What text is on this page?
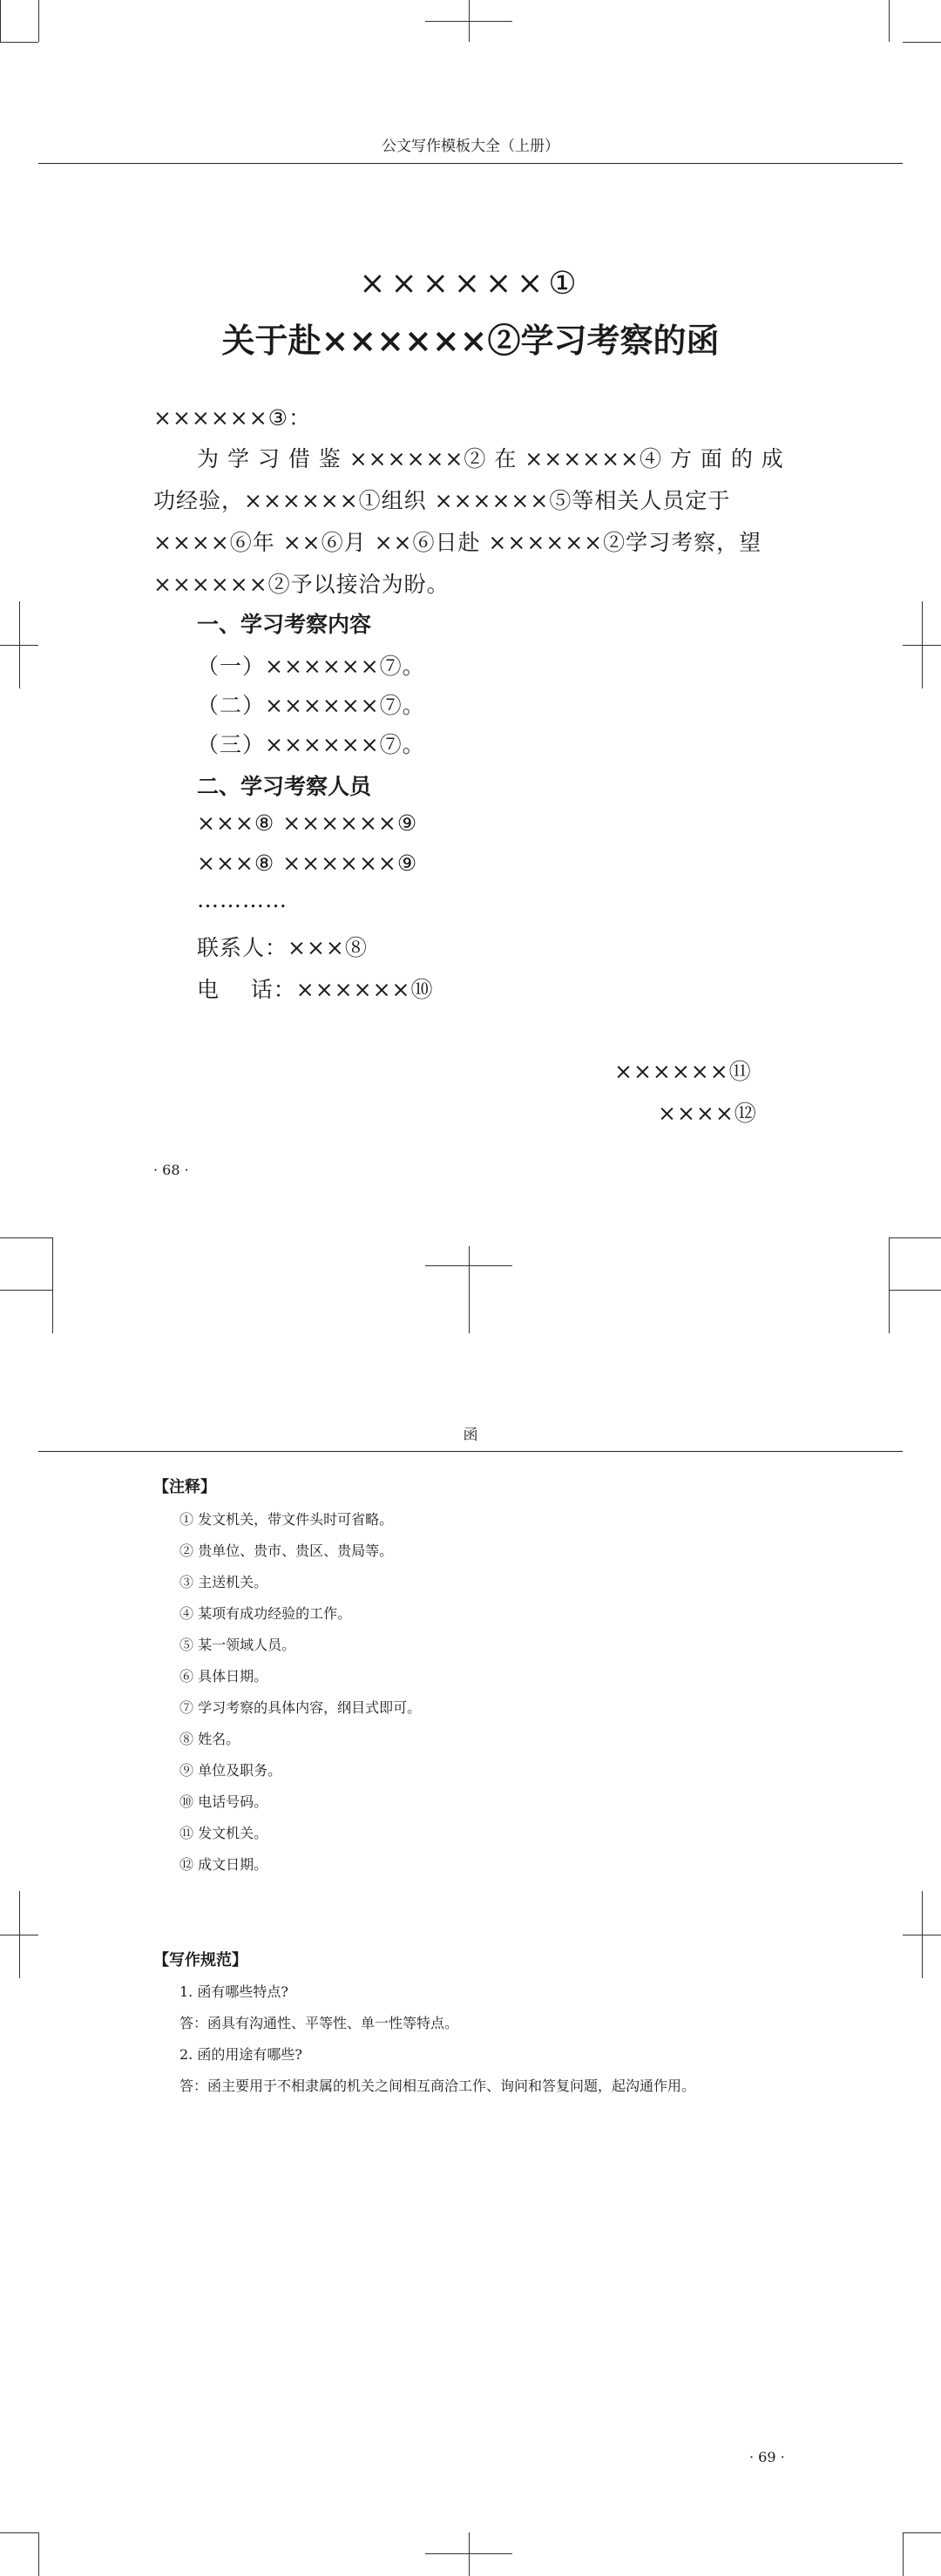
公文写作模板大全（上册）
××××××①
关于赴××××××②学习考察的函
××××××③：
为 学 习 借 鉴 ××××××② 在 ××××××④ 方 面 的 成
功经验，××××××①组织 ××××××⑤等相关人员定于
××××⑥年 ××⑥月 ××⑥日赴 ××××××②学习考察，望
××××××②予以接洽为盼。
一、学习考察内容
（一）××××××⑦。
（二）××××××⑦。
（三）××××××⑦。
二、学习考察人员
×××⑧ ××××××⑨
×××⑧ ××××××⑨
…………
联系人：×××⑧
电    话：××××××⑩
××××××⑪
××××⑫
· 68 ·
函
【注释】
① 发文机关，带文件头时可省略。
② 贵单位、贵市、贵区、贵局等。
③ 主送机关。
④ 某项有成功经验的工作。
⑤ 某一领域人员。
⑥ 具体日期。
⑦ 学习考察的具体内容，纲目式即可。
⑧ 姓名。
⑨ 单位及职务。
⑩ 电话号码。
⑪ 发文机关。
⑫ 成文日期。
【写作规范】
1. 函有哪些特点?
答：函具有沟通性、平等性、单一性等特点。
2. 函的用途有哪些?
答：函主要用于不相隶属的机关之间相互商洽工作、询问和答复问题，起沟通作用。
· 69 ·
